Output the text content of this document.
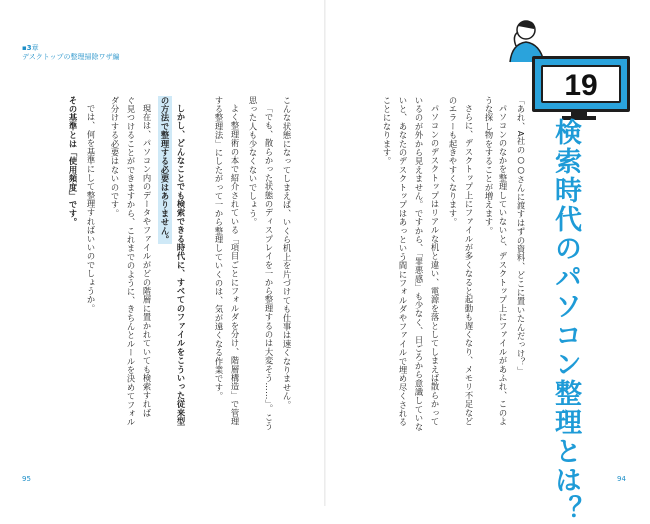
▪3章
デスクトップの整理掃除ワザ編
19
検索時代のパソコン整理とは？
「あれ、A社の○○さんに渡すはずの資料、どこに置いたんだっけ？」
パソコンのなかを整理していないと、デスクトップ上にファイルがあふれ、このよ
うな探し物をすることが増えます。
さらに、デスクトップ上にファイルが多くなると起動も遅くなり、メモリ不足など
のエラーも起きやすくなります。
パソコンのデスクトップはリアルな机と違い、電源を落としてしまえば散らかって
いるのが外から見えません。ですから、「罪悪感」も少なく、日ごろから意識していな
いと、あなたのデスクトップはあっという間にフォルダやファイルで埋め尽くされる
ことになります。
こんな状態になってしまえば、いくら机上を片づけても仕事は速くなりません。
「でも、散らかった状態のディスプレイを一から整理するのは大変そう……」。こう
思った人も少なくないでしょう。
よく整理術の本で紹介されている「項目ごとにフォルダを分け、階層構造」で管理
する整理法」にしたがって一から整理していくのは、気が遠くなる作業です。
しかし、どんなことでも検索できる時代に、すべてのファイルをこういった従来型
の方法で整理する必要はありません。
現在は、パソコン内のデータやファイルがどの階層に置かれていても検索すれば
ぐ見つけることができますから、これまでのように、きちんとルールを決めてフォル
ダ分けする必要はないのです。
では、何を基準にして整理すればいいのでしょうか。
その基準とは「使用頻度」です。
95	94
